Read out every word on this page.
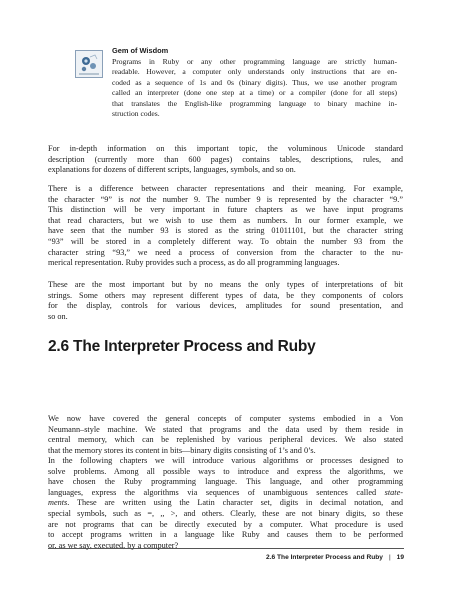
Gem of Wisdom
Programs in Ruby or any other programming language are strictly human-
readable. However, a computer only understands only instructions that are en-
coded as a sequence of 1s and 0s (binary digits). Thus, we use another program
called an interpreter (done one step at a time) or a compiler (done for all steps)
that translates the English-like programming language to binary machine in-
struction codes.
For in-depth information on this important topic, the voluminous Unicode standard
description (currently more than 600 pages) contains tables, descriptions, rules, and
explanations for dozens of different scripts, languages, symbols, and so on.
There is a difference between character representations and their meaning. For example,
the character “9” is not the number 9. The number 9 is represented by the character “9.”
This distinction will be very important in future chapters as we have input programs
that read characters, but we wish to use them as numbers. In our former example, we
have seen that the number 93 is stored as the string 01011101, but the character string
“93” will be stored in a completely different way. To obtain the number 93 from the
character string “93,” we need a process of conversion from the character to the nu-
merical representation. Ruby provides such a process, as do all programming languages.
These are the most important but by no means the only types of interpretations of bit
strings. Some others may represent different types of data, be they components of colors
for the display, controls for various devices, amplitudes for sound presentation, and
so on.
2.6 The Interpreter Process and Ruby
We now have covered the general concepts of computer systems embodied in a Von
Neumann–style machine. We stated that programs and the data used by them reside in
central memory, which can be replenished by various peripheral devices. We also stated
that the memory stores its content in bits—binary digits consisting of 1’s and 0’s.
In the following chapters we will introduce various algorithms or processes designed to
solve problems. Among all possible ways to introduce and express the algorithms, we
have chosen the Ruby programming language. This language, and other programming
languages, express the algorithms via sequences of unambiguous sentences called state-
ments. These are written using the Latin character set, digits in decimal notation, and
special symbols, such as =, ,, >, and others. Clearly, these are not binary digits, so these
are not programs that can be directly executed by a computer. What procedure is used
to accept programs written in a language like Ruby and causes them to be performed
or, as we say, executed, by a computer?
2.6 The Interpreter Process and Ruby | 19
